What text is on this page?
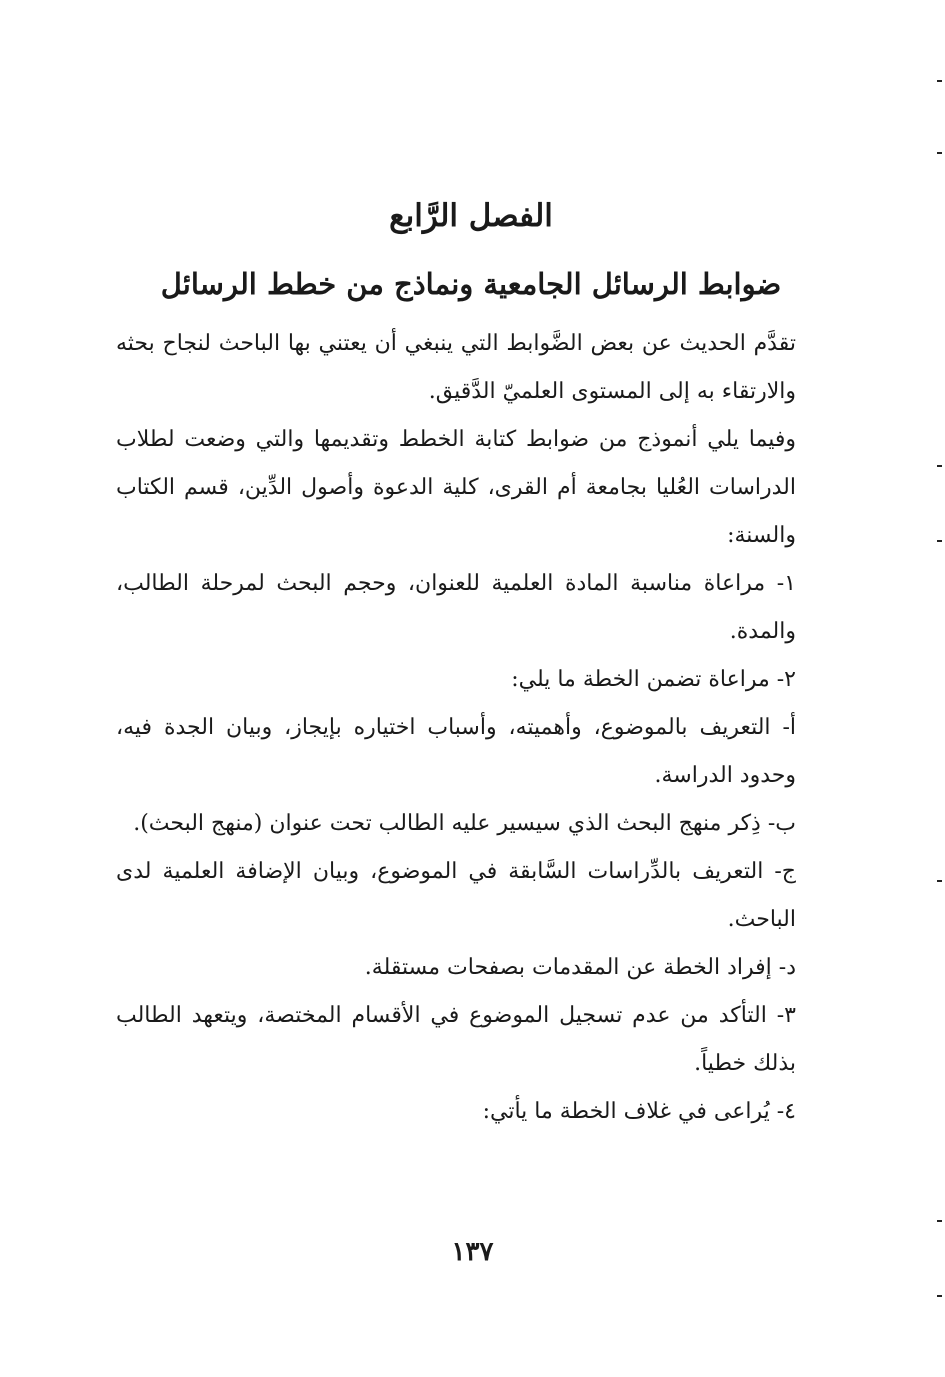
الفصل الرَّابع
ضوابط الرسائل الجامعية ونماذج من خطط الرسائل

تقدَّم الحديث عن بعض الضَّوابط التي ينبغي أن يعتني بها الباحث لنجاح بحثه والارتقاء به إلى المستوى العلميّ الدَّقيق.

وفيما يلي أنموذج من ضوابط كتابة الخطط وتقديمها والتي وضعت لطلاب الدراسات العُليا بجامعة أم القرى، كلية الدعوة وأصول الدِّين، قسم الكتاب والسنة:

١- مراعاة مناسبة المادة العلمية للعنوان، وحجم البحث لمرحلة الطالب، والمدة.

٢- مراعاة تضمن الخطة ما يلي:

أ- التعريف بالموضوع، وأهميته، وأسباب اختياره بإيجاز، وبيان الجدة فيه، وحدود الدراسة.

ب- ذِكر منهج البحث الذي سيسير عليه الطالب تحت عنوان (منهج البحث).

ج- التعريف بالدِّراسات السَّابقة في الموضوع، وبيان الإضافة العلمية لدى الباحث.

د- إفراد الخطة عن المقدمات بصفحات مستقلة.

٣- التأكد من عدم تسجيل الموضوع في الأقسام المختصة، ويتعهد الطالب بذلك خطياً.

٤- يُراعى في غلاف الخطة ما يأتي:

١٣٧
